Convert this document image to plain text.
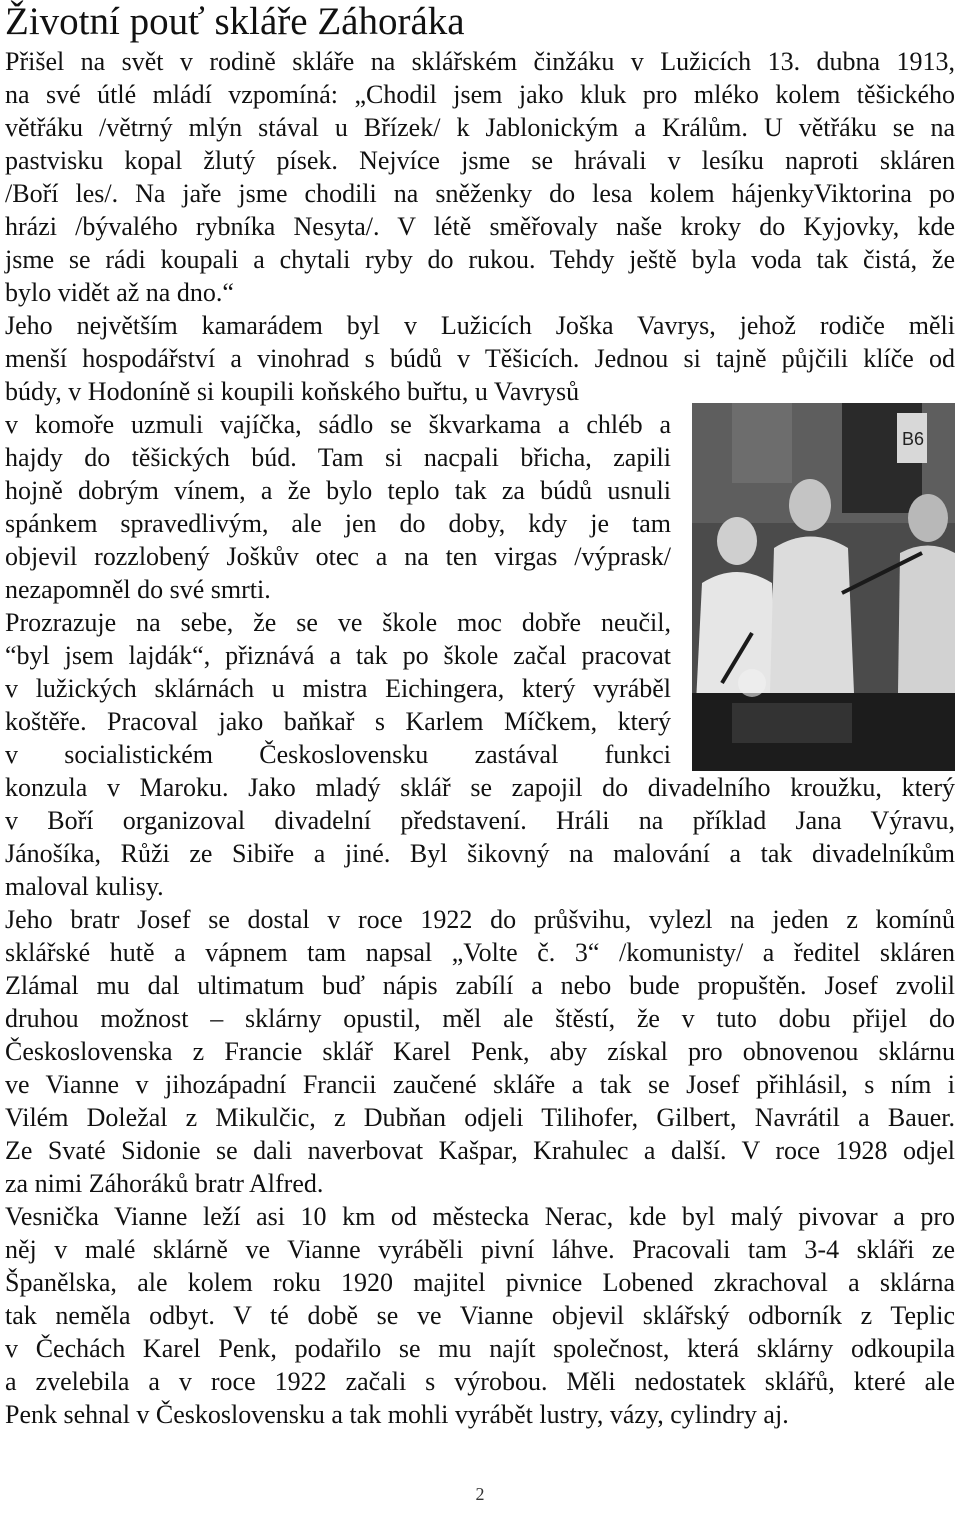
Životní pouť skláře Záhoráka
Přišel na svět v rodině skláře na sklářském činžáku v Lužicích 13. dubna 1913,
na své útlé mládí vzpomíná: „Chodil jsem jako kluk pro mléko kolem těšického
větřáku /větrný mlýn stával u Břízek/ k Jablonickým a Králům. U větřáku se na
pastvisku kopal žlutý písek. Nejvíce jsme se hrávali v lesíku naproti skláren
/Boří les/. Na jaře jsme chodili na sněženky do lesa kolem hájenkyViktorina po
hrázi /bývalého rybníka Nesyta/. V létě směřovaly naše kroky do Kyjovky, kde
jsme se rádi koupali a chytali ryby do rukou. Tehdy ještě byla voda tak čistá, že
bylo vidět až na dno.“
Jeho největším kamarádem byl v Lužicích Joška Vavrys, jehož rodiče měli
menší hospodářství a vinohrad s búdů v Těšicích. Jednou si tajně půjčili klíče od
búdy, v Hodoníně si koupili koňského buřtu, u Vavrysů
v komoře uzmuli vajíčka, sádlo se škvarkama a chléb a
hajdy do těšických búd. Tam si nacpali břicha, zapili
hojně dobrým vínem, a že bylo teplo tak za búdů usnuli
spánkem spravedlivým, ale jen do doby, kdy je tam
objevil rozzlobený Joškův otec a na ten virgas /výprask/
nezapomněl do své smrti.
Prozrazuje na sebe, že se ve škole moc dobře neučil,
“byl jsem lajdák“, přiznává a tak po škole začal pracovat
v lužických sklárnách u mistra Eichingera, který vyráběl
koštěře. Pracoval jako baňkař s Karlem Míčkem, který
v socialistickém Československu zastával funkci
konzula v Maroku. Jako mladý sklář se zapojil do divadelního kroužku, který
v Boří organizoval divadelní představení. Hráli na příklad Jana Výravu,
Jánošíka, Růži ze Sibiře a jiné. Byl šikovný na malování a tak divadelníkům
maloval kulisy.
Jeho bratr Josef se dostal v roce 1922 do průšvihu, vylezl na jeden z komínů
sklářské hutě a vápnem tam napsal „Volte č. 3“ /komunisty/ a ředitel skláren
Zlámal mu dal ultimatum buď nápis zabílí a nebo bude propuštěn. Josef zvolil
druhou možnost – sklárny opustil, měl ale štěstí, že v tuto dobu přijel do
Československa z Francie sklář Karel Penk, aby získal pro obnovenou sklárnu
ve Vianne v jihozápadní Francii zaučené skláře a tak se Josef přihlásil, s ním i
Vilém Doležal z Mikulčic, z Dubňan odjeli Tilihofer, Gilbert, Navrátil a Bauer.
Ze Svaté Sidonie se dali naverbovat Kašpar, Krahulec a další. V roce 1928 odjel
za nimi Záhoráků bratr Alfred.
Vesnička Vianne leží asi 10 km od městecka Nerac, kde byl malý pivovar a pro
něj v malé sklárně ve Vianne vyráběli pivní láhve. Pracovali tam 3-4 skláři ze
Španělska, ale kolem roku 1920 majitel pivnice Lobened zkrachoval a sklárna
tak neměla odbyt. V té době se ve Vianne objevil sklářský odborník z Teplic
v Čechách Karel Penk, podařilo se mu najít společnost, která sklárny odkoupila
a zvelebila a v roce 1922 začali s výrobou. Měli nedostatek sklářů, které ale
Penk sehnal v Československu a tak mohli vyrábět lustry, vázy, cylindry aj.
B6
2
